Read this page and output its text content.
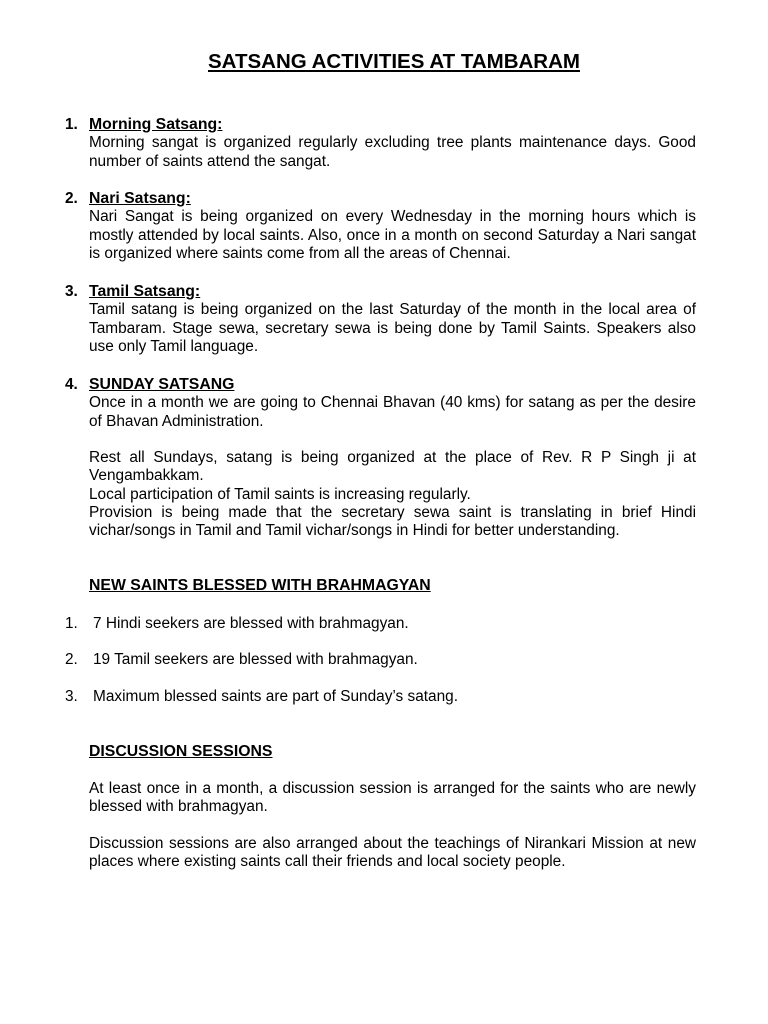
SATSANG ACTIVITIES AT TAMBARAM
1. Morning Satsang:

Morning sangat is organized regularly excluding tree plants maintenance days. Good number of saints attend the sangat.

2. Nari Satsang:

Nari Sangat is being organized on every Wednesday in the morning hours which is mostly attended by local saints. Also, once in a month on second Saturday a Nari sangat is organized where saints come from all the areas of Chennai.

3. Tamil Satsang:

Tamil satang is being organized on the last Saturday of the month in the local area of Tambaram. Stage sewa, secretary sewa is being done by Tamil Saints. Speakers also use only Tamil language.

4. SUNDAY SATSANG

Once in a month we are going to Chennai Bhavan (40 kms) for satang as per the desire of Bhavan Administration.

Rest all Sundays, satang is being organized at the place of Rev. R P Singh ji at Vengambakkam.

Local participation of Tamil saints is increasing regularly.

Provision is being made that the secretary sewa saint is translating in brief Hindi vichar/songs in Tamil and Tamil vichar/songs in Hindi for better understanding.

NEW SAINTS BLESSED WITH BRAHMAGYAN
1. 7 Hindi seekers are blessed with brahmagyan.
2. 19 Tamil seekers are blessed with brahmagyan.
3. Maximum blessed saints are part of Sunday’s satang.
DISCUSSION SESSIONS
At least once in a month, a discussion session is arranged for the saints who are newly blessed with brahmagyan.
Discussion sessions are also arranged about the teachings of Nirankari Mission at new places where existing saints call their friends and local society people.
